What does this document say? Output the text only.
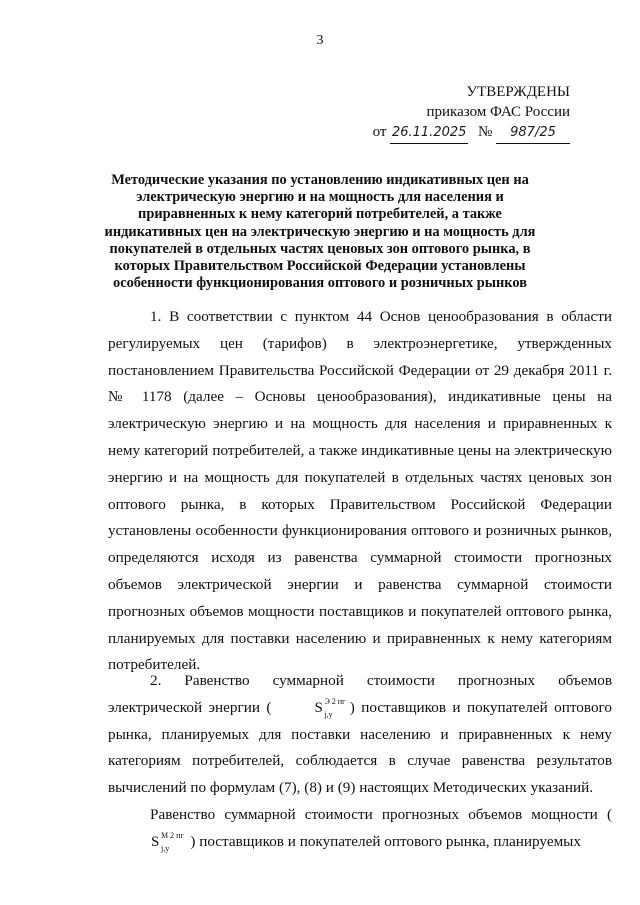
3
УТВЕРЖДЕНЫ
приказом ФАС России
от 26.11.2025 № 987/25
Методические указания по установлению индикативных цен на электрическую энергию и на мощность для населения и приравненных к нему категорий потребителей, а также индикативных цен на электрическую энергию и на мощность для покупателей в отдельных частях ценовых зон оптового рынка, в которых Правительством Российской Федерации установлены особенности функционирования оптового и розничных рынков
1. В соответствии с пунктом 44 Основ ценообразования в области регулируемых цен (тарифов) в электроэнергетике, утвержденных постановлением Правительства Российской Федерации от 29 декабря 2011 г. № 1178 (далее – Основы ценообразования), индикативные цены на электрическую энергию и на мощность для населения и приравненных к нему категорий потребителей, а также индикативные цены на электрическую энергию и на мощность для покупателей в отдельных частях ценовых зон оптового рынка, в которых Правительством Российской Федерации установлены особенности функционирования оптового и розничных рынков, определяются исходя из равенства суммарной стоимости прогнозных объемов электрической энергии и равенства суммарной стоимости прогнозных объемов мощности поставщиков и покупателей оптового рынка, планируемых для поставки населению и приравненных к нему категориям потребителей.
2. Равенство суммарной стоимости прогнозных объемов электрической энергии (	S Э 2 пг
j,y ) поставщиков и покупателей оптового рынка, планируемых для поставки населению и приравненных к нему категориям потребителей, соблюдается в случае равенства результатов вычислений по формулам (7), (8) и (9) настоящих Методических указаний.
Равенство суммарной стоимости прогнозных объемов мощности (S М 2 пг
j,y ) поставщиков и покупателей оптового рынка, планируемых
